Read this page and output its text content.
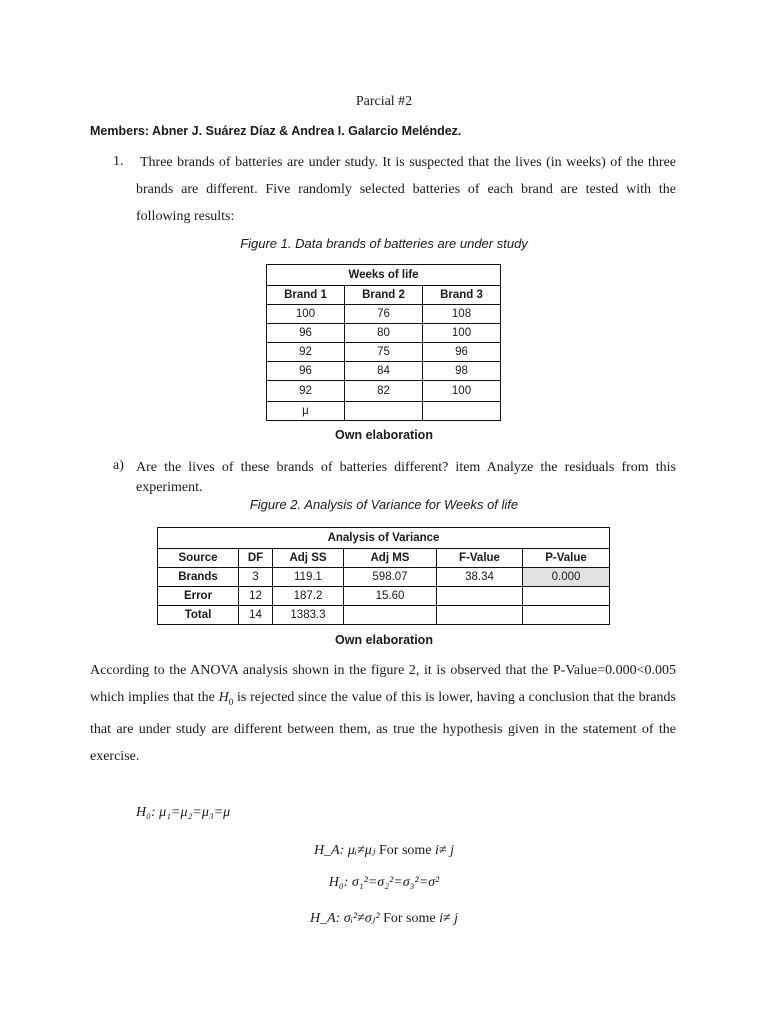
Parcial #2
Members: Abner J. Suárez Díaz & Andrea I. Galarcio Meléndez.
1. Three brands of batteries are under study. It is suspected that the lives (in weeks) of the three brands are different. Five randomly selected batteries of each brand are tested with the following results:
Figure 1. Data brands of batteries are under study
Weeks of life		
Brand 1	Brand 2	Brand 3
100	76	108
96	80	100
92	75	96
96	84	98
92	82	100
μ		
Own elaboration
a) Are the lives of these brands of batteries different? item Analyze the residuals from this experiment.
Figure 2. Analysis of Variance for Weeks of life
Analysis of Variance					
Source	DF	Adj SS	Adj MS	F-Value	P-Value
Brands	3	119.1	598.07	38.34	0.000
Error	12	187.2	15.60		
Total	14	1383.3			
Own elaboration
According to the ANOVA analysis shown in the figure 2, it is observed that the P-Value=0.000<0.005 which implies that the $H_0$ is rejected since the value of this is lower, having a conclusion that the brands that are under study are different between them, as true the hypothesis given in the statement of the exercise.
H₀: μ₁=μ₂=μ₃=μ
H_A: μᵢ≠μⱼ For some i≠ j
H₀: σ₁²=σ₂²=σ₃²=σ²
H_A: σᵢ²≠σⱼ² For some i≠ j
